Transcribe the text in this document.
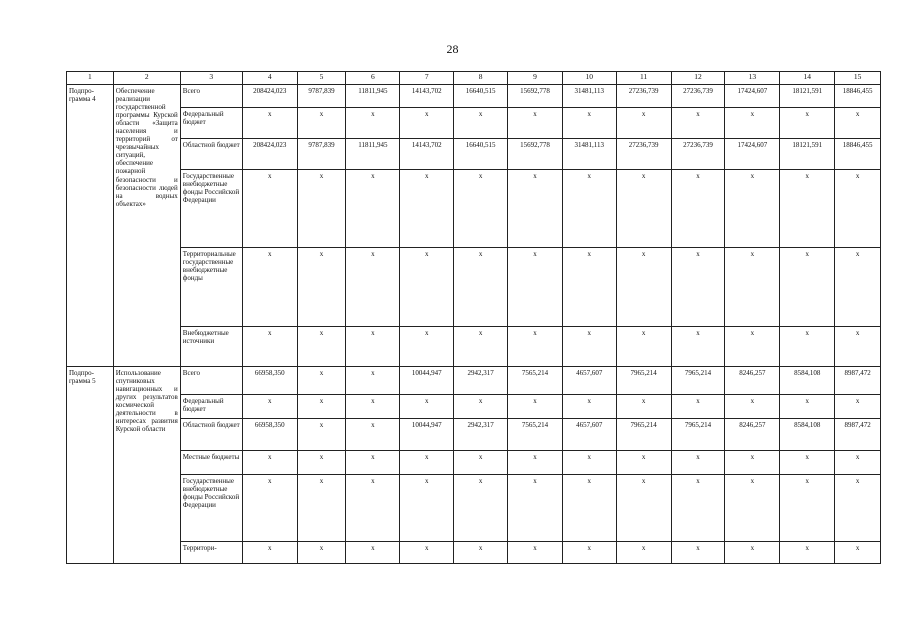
28
1	2	3	4	5	6	7	8	9	10	11	12	13	14	15
Подпро-грамма 4	Обеспечение реализации государственной программы Курской области «Защита населения и территорий от чрезвычайных ситуаций, обеспечение пожарной безопасности и безопасности людей на водных объектах»	Всего	208424,023	9787,839	11811,945	14143,702	16640,515	15692,778	31481,113	27236,739	27236,739	17424,607	18121,591	18846,455
		Федеральный бюджет	х	х	х	х	х	х	х	х	х	х	х	х
		Областной бюджет	208424,023	9787,839	11811,945	14143,702	16640,515	15692,778	31481,113	27236,739	27236,739	17424,607	18121,591	18846,455
		Государственные внебюджетные фонды Российской Федерации	х	х	х	х	х	х	х	х	х	х	х	х
		Территориальные государственные внебюджетные фонды	х	х	х	х	х	х	х	х	х	х	х	х
		Внебюджетные источники	х	х	х	х	х	х	х	х	х	х	х	х
Подпро-грамма 5	Использование спутниковых навигационных и других результатов космической деятельности в интересах развития Курской области	Всего	66958,350	х	х	10044,947	2942,317	7565,214	4657,607	7965,214	7965,214	8246,257	8584,108	8987,472
		Федеральный бюджет	х	х	х	х	х	х	х	х	х	х	х	х
		Областной бюджет	66958,350	х	х	10044,947	2942,317	7565,214	4657,607	7965,214	7965,214	8246,257	8584,108	8987,472
		Местные бюджеты	х	х	х	х	х	х	х	х	х	х	х	х
		Государственные внебюджетные фонды Российской Федерации	х	х	х	х	х	х	х	х	х	х	х	х
		Территори-	х	х	х	х	х	х	х	х	х	х	х	х
